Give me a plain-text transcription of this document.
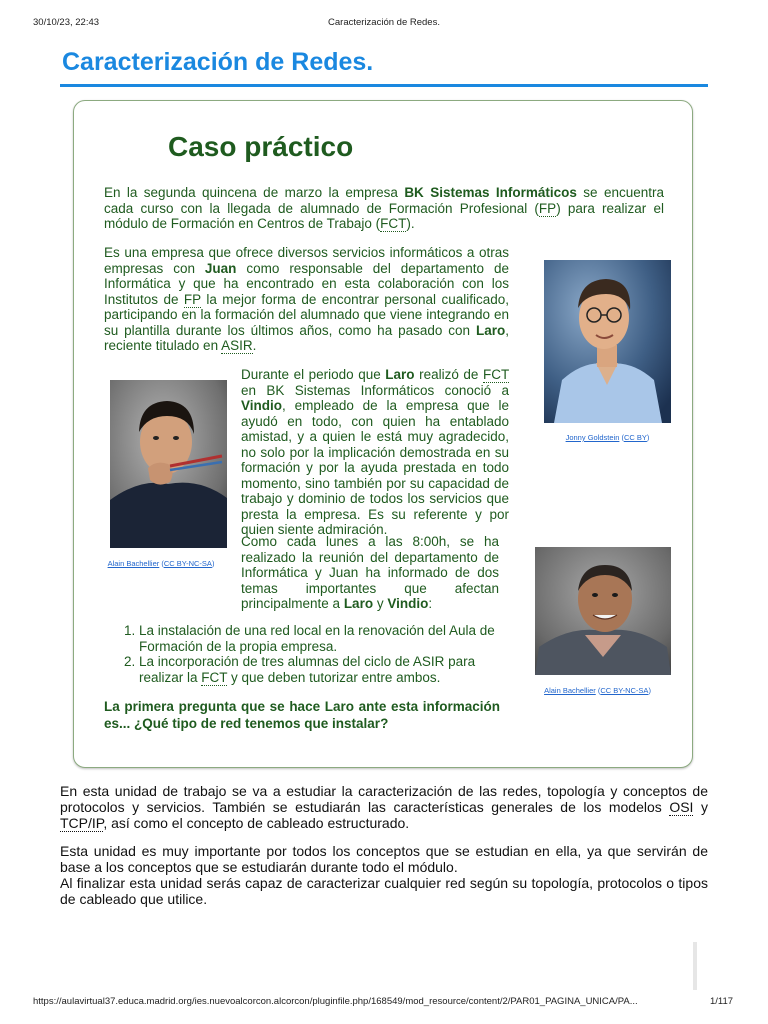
30/10/23, 22:43	Caracterización de Redes.
Caracterización de Redes.
Caso práctico

En la segunda quincena de marzo la empresa BK Sistemas Informáticos se encuentra cada curso con la llegada de alumnado de Formación Profesional (FP) para realizar el módulo de Formación en Centros de Trabajo (FCT).

Es una empresa que ofrece diversos servicios informáticos a otras empresas con Juan como responsable del departamento de Informática y que ha encontrado en esta colaboración con los Institutos de FP la mejor forma de encontrar personal cualificado, participando en la formación del alumnado que viene integrando en su plantilla durante los últimos años, como ha pasado con Laro, reciente titulado en ASIR.

Jonny Goldstein (CC BY)
Alain Bachellier (CC BY-NC-SA)

Durante el periodo que Laro realizó de FCT en BK Sistemas Informáticos conoció a Vindio, empleado de la empresa que le ayudó en todo, con quien ha entablado amistad, y a quien le está muy agradecido, no solo por la implicación demostrada en su formación y por la ayuda prestada en todo momento, sino también por su capacidad de trabajo y dominio de todos los servicios que presta la empresa. Es su referente y por quien siente admiración.

Alain Bachellier (CC BY-NC-SA)

Como cada lunes a las 8:00h, se ha realizado la reunión del departamento de Informática y Juan ha informado de dos temas importantes que afectan principalmente a Laro y Vindio:

1. La instalación de una red local en la renovación del Aula de Formación de la propia empresa.
2. La incorporación de tres alumnas del ciclo de ASIR para realizar la FCT y que deben tutorizar entre ambos.

La primera pregunta que se hace Laro ante esta información es... ¿Qué tipo de red tenemos que instalar?

En esta unidad de trabajo se va a estudiar la caracterización de las redes, topología y conceptos de protocolos y servicios. También se estudiarán las características generales de los modelos OSI y TCP/IP, así como el concepto de cableado estructurado.

Esta unidad es muy importante por todos los conceptos que se estudian en ella, ya que servirán de base a los conceptos que se estudiarán durante todo el módulo.

Al finalizar esta unidad serás capaz de caracterizar cualquier red según su topología, protocolos o tipos de cableado que utilice.

https://aulavirtual37.educa.madrid.org/ies.nuevoalcorcon.alcorcon/pluginfile.php/168549/mod_resource/content/2/PAR01_PAGINA_UNICA/PA...	1/117
